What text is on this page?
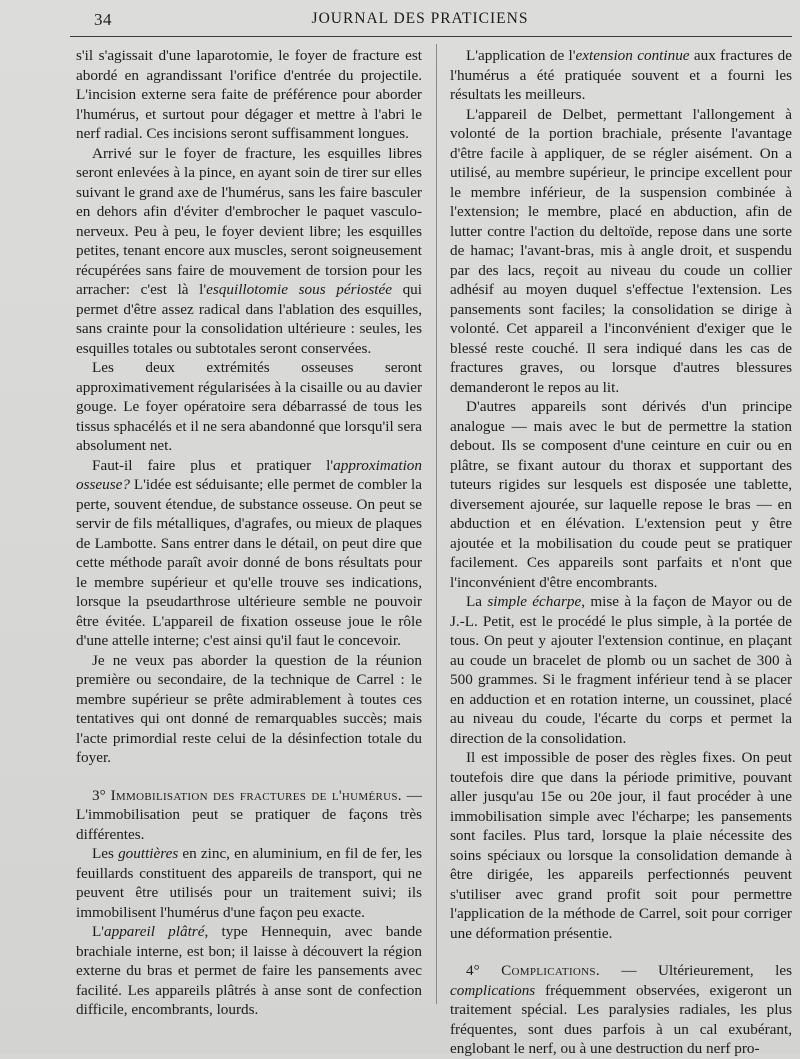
34	JOURNAL DES PRATICIENS

s'il s'agissait d'une laparotomie, le foyer de fracture est abordé en agrandissant l'orifice d'entrée du projectile. L'incision externe sera faite de préférence pour aborder l'humérus, et surtout pour dégager et mettre à l'abri le nerf radial. Ces incisions seront suffisamment longues.

Arrivé sur le foyer de fracture, les esquilles libres seront enlevées à la pince, en ayant soin de tirer sur elles suivant le grand axe de l'humérus, sans les faire basculer en dehors afin d'éviter d'embrocher le paquet vasculo-nerveux. Peu à peu, le foyer devient libre; les esquilles petites, tenant encore aux muscles, seront soigneusement récupérées sans faire de mouvement de torsion pour les arracher: c'est là l'esquillotomie sous périostée qui permet d'être assez radical dans l'ablation des esquilles, sans crainte pour la consolidation ultérieure : seules, les esquilles totales ou subtotales seront conservées.

Les deux extrémités osseuses seront approximativement régularisées à la cisaille ou au davier gouge. Le foyer opératoire sera débarrassé de tous les tissus sphacélés et il ne sera abandonné que lorsqu'il sera absolument net.

Faut-il faire plus et pratiquer l'approximation osseuse? L'idée est séduisante; elle permet de combler la perte, souvent étendue, de substance osseuse. On peut se servir de fils métalliques, d'agrafes, ou mieux de plaques de Lambotte. Sans entrer dans le détail, on peut dire que cette méthode paraît avoir donné de bons résultats pour le membre supérieur et qu'elle trouve ses indications, lorsque la pseudarthrose ultérieure semble ne pouvoir être évitée. L'appareil de fixation osseuse joue le rôle d'une attelle interne; c'est ainsi qu'il faut le concevoir.

Je ne veux pas aborder la question de la réunion première ou secondaire, de la technique de Carrel : le membre supérieur se prête admirablement à toutes ces tentatives qui ont donné de remarquables succès; mais l'acte primordial reste celui de la désinfection totale du foyer.

3° Immobilisation des fractures de l'humérus. — L'immobilisation peut se pratiquer de façons très différentes.

Les gouttières en zinc, en aluminium, en fil de fer, les feuillards constituent des appareils de transport, qui ne peuvent être utilisés pour un traitement suivi; ils immobilisent l'humérus d'une façon peu exacte.

L'appareil plâtré, type Hennequin, avec bande brachiale interne, est bon; il laisse à découvert la région externe du bras et permet de faire les pansements avec facilité. Les appareils plâtrés à anse sont de confection difficile, encombrants, lourds.

L'application de l'extension continue aux fractures de l'humérus a été pratiquée souvent et a fourni les résultats les meilleurs.

L'appareil de Delbet, permettant l'allongement à volonté de la portion brachiale, présente l'avantage d'être facile à appliquer, de se régler aisément. On a utilisé, au membre supérieur, le principe excellent pour le membre inférieur, de la suspension combinée à l'extension; le membre, placé en abduction, afin de lutter contre l'action du deltoïde, repose dans une sorte de hamac; l'avant-bras, mis à angle droit, et suspendu par des lacs, reçoit au niveau du coude un collier adhésif au moyen duquel s'effectue l'extension. Les pansements sont faciles; la consolidation se dirige à volonté. Cet appareil a l'inconvénient d'exiger que le blessé reste couché. Il sera indiqué dans les cas de fractures graves, ou lorsque d'autres blessures demanderont le repos au lit.

D'autres appareils sont dérivés d'un principe analogue — mais avec le but de permettre la station debout. Ils se composent d'une ceinture en cuir ou en plâtre, se fixant autour du thorax et supportant des tuteurs rigides sur lesquels est disposée une tablette, diversement ajourée, sur laquelle repose le bras — en abduction et en élévation. L'extension peut y être ajoutée et la mobilisation du coude peut se pratiquer facilement. Ces appareils sont parfaits et n'ont que l'inconvénient d'être encombrants.

La simple écharpe, mise à la façon de Mayor ou de J.-L. Petit, est le procédé le plus simple, à la portée de tous. On peut y ajouter l'extension continue, en plaçant au coude un bracelet de plomb ou un sachet de 300 à 500 grammes. Si le fragment inférieur tend à se placer en adduction et en rotation interne, un coussinet, placé au niveau du coude, l'écarte du corps et permet la direction de la consolidation.

Il est impossible de poser des règles fixes. On peut toutefois dire que dans la période primitive, pouvant aller jusqu'au 15e ou 20e jour, il faut procéder à une immobilisation simple avec l'écharpe; les pansements sont faciles. Plus tard, lorsque la plaie nécessite des soins spéciaux ou lorsque la consolidation demande à être dirigée, les appareils perfectionnés peuvent s'utiliser avec grand profit soit pour permettre l'application de la méthode de Carrel, soit pour corriger une déformation présentie.

4° Complications. — Ultérieurement, les complications fréquemment observées, exigeront un traitement spécial. Les paralysies radiales, les plus fréquentes, sont dues parfois à un cal exubérant, englobant le nerf, ou à une destruction du nerf pro-
